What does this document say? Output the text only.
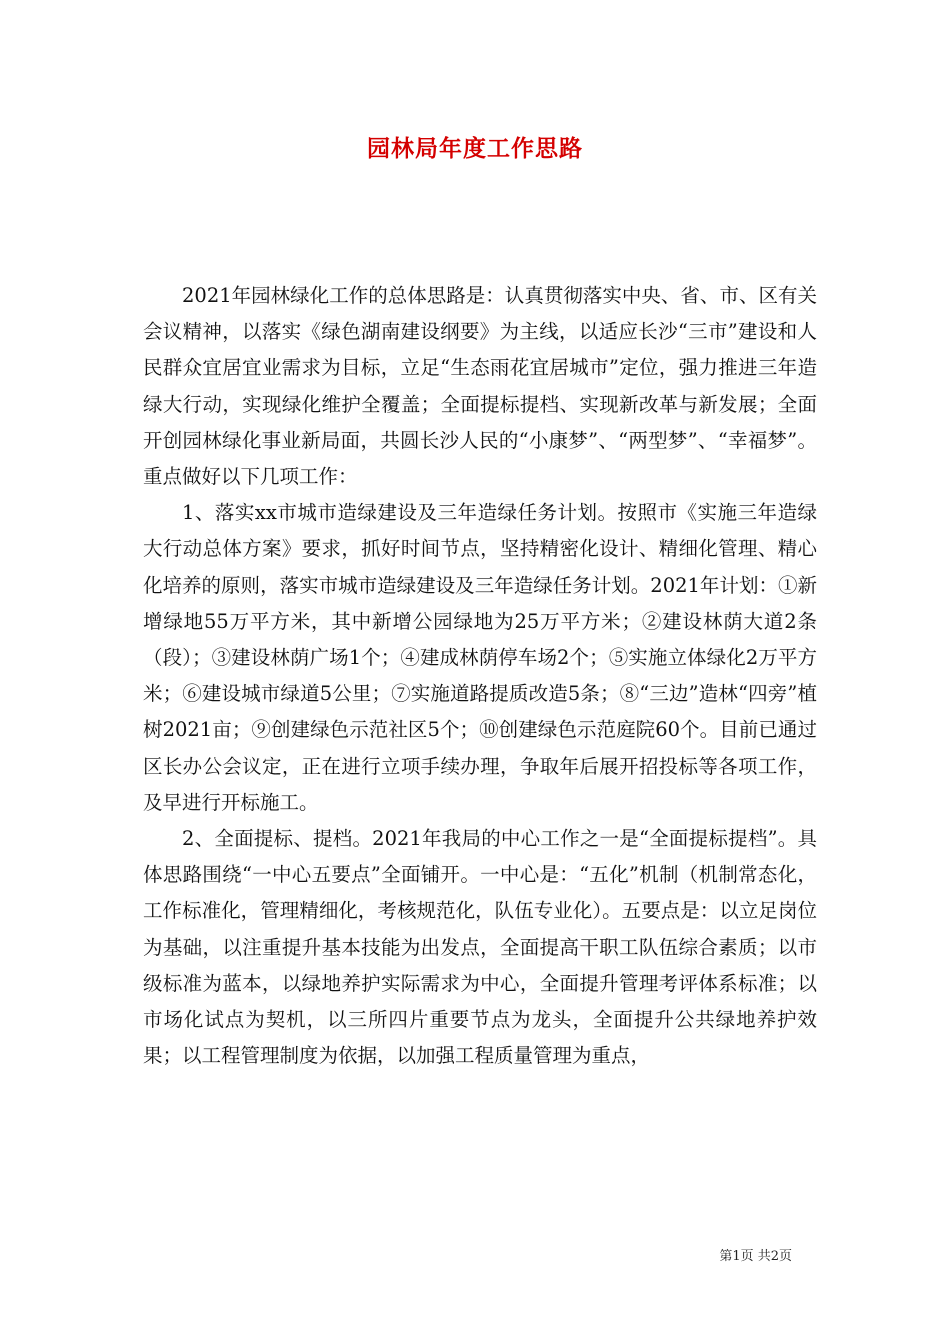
园林局年度工作思路

2021年园林绿化工作的总体思路是：认真贯彻落实中央、省、市、区有关会议精神，以落实《绿色湖南建设纲要》为主线，以适应长沙“三市”建设和人民群众宜居宜业需求为目标，立足“生态雨花宜居城市”定位，强力推进三年造绿大行动，实现绿化维护全覆盖；全面提标提档、实现新改革与新发展；全面开创园林绿化事业新局面，共圆长沙人民的“小康梦”、“两型梦”、“幸福梦”。重点做好以下几项工作：

1、落实xx市城市造绿建设及三年造绿任务计划。按照市《实施三年造绿大行动总体方案》要求，抓好时间节点，坚持精密化设计、精细化管理、精心化培养的原则，落实市城市造绿建设及三年造绿任务计划。2021年计划：①新增绿地55万平方米，其中新增公园绿地为25万平方米；②建设林荫大道2条（段）；③建设林荫广场1个；④建成林荫停车场2个；⑤实施立体绿化2万平方米；⑥建设城市绿道5公里；⑦实施道路提质改造5条；⑧“三边”造林“四旁”植树2021亩；⑨创建绿色示范社区5个；⑩创建绿色示范庭院60个。目前已通过区长办公会议定，正在进行立项手续办理，争取年后展开招投标等各项工作，及早进行开标施工。

2、全面提标、提档。2021年我局的中心工作之一是“全面提标提档”。具体思路围绕“一中心五要点”全面铺开。一中心是：“五化”机制（机制常态化，工作标准化，管理精细化，考核规范化，队伍专业化）。五要点是：以立足岗位为基础，以注重提升基本技能为出发点，全面提高干职工队伍综合素质；以市级标准为蓝本，以绿地养护实际需求为中心，全面提升管理考评体系标准；以市场化试点为契机，以三所四片重要节点为龙头，全面提升公共绿地养护效果；以工程管理制度为依据，以加强工程质量管理为重点，

第1页 共2页
